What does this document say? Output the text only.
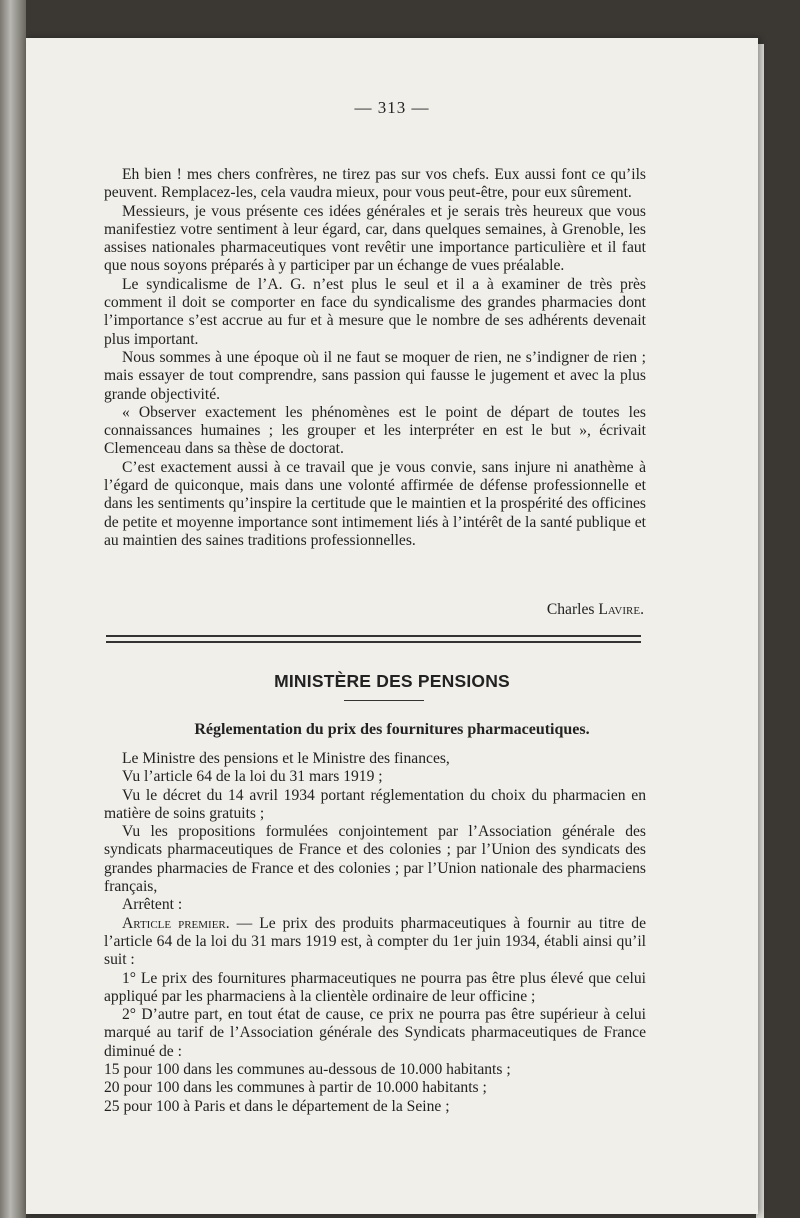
— 313 —

Eh bien ! mes chers confrères, ne tirez pas sur vos chefs. Eux aussi font ce qu’ils peuvent. Remplacez-les, cela vaudra mieux, pour vous peut-être, pour eux sûrement.

Messieurs, je vous présente ces idées générales et je serais très heureux que vous manifestiez votre sentiment à leur égard, car, dans quelques semaines, à Grenoble, les assises nationales pharmaceutiques vont revêtir une importance particulière et il faut que nous soyons préparés à y participer par un échange de vues préalable.

Le syndicalisme de l’A. G. n’est plus le seul et il a à examiner de très près comment il doit se comporter en face du syndicalisme des grandes pharmacies dont l’importance s’est accrue au fur et à mesure que le nombre de ses adhérents devenait plus important.

Nous sommes à une époque où il ne faut se moquer de rien, ne s’indigner de rien ; mais essayer de tout comprendre, sans passion qui fausse le jugement et avec la plus grande objectivité.

« Observer exactement les phénomènes est le point de départ de toutes les connaissances humaines ; les grouper et les interpréter en est le but », écrivait Clemenceau dans sa thèse de doctorat.

C’est exactement aussi à ce travail que je vous convie, sans injure ni anathème à l’égard de quiconque, mais dans une volonté affirmée de défense professionnelle et dans les sentiments qu’inspire la certitude que le maintien et la prospérité des officines de petite et moyenne importance sont intimement liés à l’intérêt de la santé publique et au maintien des saines traditions professionnelles.

Charles Lavire.
MINISTÈRE DES PENSIONS
Réglementation du prix des fournitures pharmaceutiques.

Le Ministre des pensions et le Ministre des finances,

Vu l’article 64 de la loi du 31 mars 1919 ;

Vu le décret du 14 avril 1934 portant réglementation du choix du pharmacien en matière de soins gratuits ;

Vu les propositions formulées conjointement par l’Association générale des syndicats pharmaceutiques de France et des colonies ; par l’Union des syndicats des grandes pharmacies de France et des colonies ; par l’Union nationale des pharmaciens français,

Arrêtent :

Article premier. — Le prix des produits pharmaceutiques à fournir au titre de l’article 64 de la loi du 31 mars 1919 est, à compter du 1er juin 1934, établi ainsi qu’il suit :

1° Le prix des fournitures pharmaceutiques ne pourra pas être plus élevé que celui appliqué par les pharmaciens à la clientèle ordinaire de leur officine ;

2° D’autre part, en tout état de cause, ce prix ne pourra pas être supérieur à celui marqué au tarif de l’Association générale des Syndicats pharmaceutiques de France diminué de :

15 pour 100 dans les communes au-dessous de 10.000 habitants ;

20 pour 100 dans les communes à partir de 10.000 habitants ;

25 pour 100 à Paris et dans le département de la Seine ;
